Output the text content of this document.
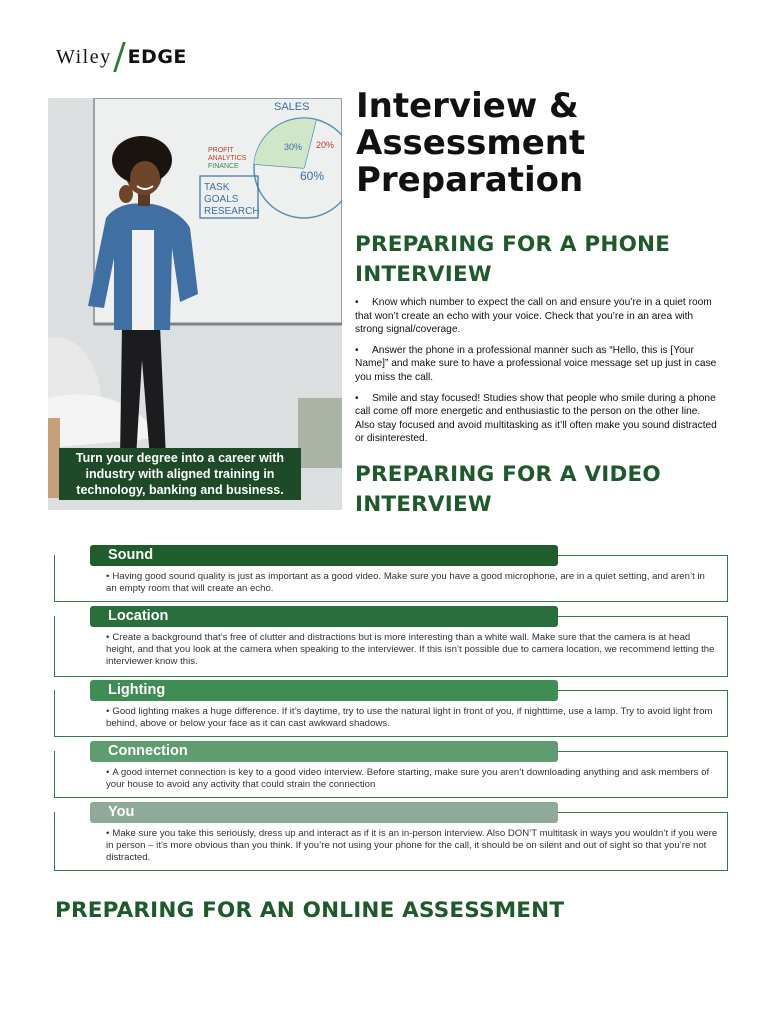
Wiley EDGE
PROFIT
ANALYTICS
FINANCE
TASK
GOALS
RESEARCH
SALES
30% 20%
60%
Turn your degree into a career with industry with aligned training in technology, banking and business.
Interview &
Assessment
Preparation
PREPARING FOR A PHONE INTERVIEW
• Know which number to expect the call on and ensure you’re in a quiet room that won’t create an echo with your voice. Check that you’re in an area with strong signal/coverage.
• Answer the phone in a professional manner such as “Hello, this is [Your Name]” and make sure to have a professional voice message set up just in case you miss the call.
• Smile and stay focused! Studies show that people who smile during a phone call come off more energetic and enthusiastic to the person on the other line. Also stay focused and avoid multitasking as it’ll often make you sound distracted or disinterested.
PREPARING FOR A VIDEO INTERVIEW
Sound
• Having good sound quality is just as important as a good video. Make sure you have a good microphone, are in a quiet setting, and aren’t in an empty room that will create an echo.
Location
• Create a background that’s free of clutter and distractions but is more interesting than a white wall. Make sure that the camera is at head height, and that you look at the camera when speaking to the interviewer. If this isn’t possible due to camera location, we recommend letting the interviewer know this.
Lighting
• Good lighting makes a huge difference. If it’s daytime, try to use the natural light in front of you, if nighttime, use a lamp. Try to avoid light from behind, above or below your face as it can cast awkward shadows.
Connection
• A good internet connection is key to a good video interview. Before starting, make sure you aren’t downloading anything and ask members of your house to avoid any activity that could strain the connection
You
• Make sure you take this seriously, dress up and interact as if it is an in-person interview. Also DON’T multitask in ways you wouldn’t if you were in person – it’s more obvious than you think. If you’re not using your phone for the call, it should be on silent and out of sight so that you’re not distracted.
PREPARING FOR AN ONLINE ASSESSMENT
